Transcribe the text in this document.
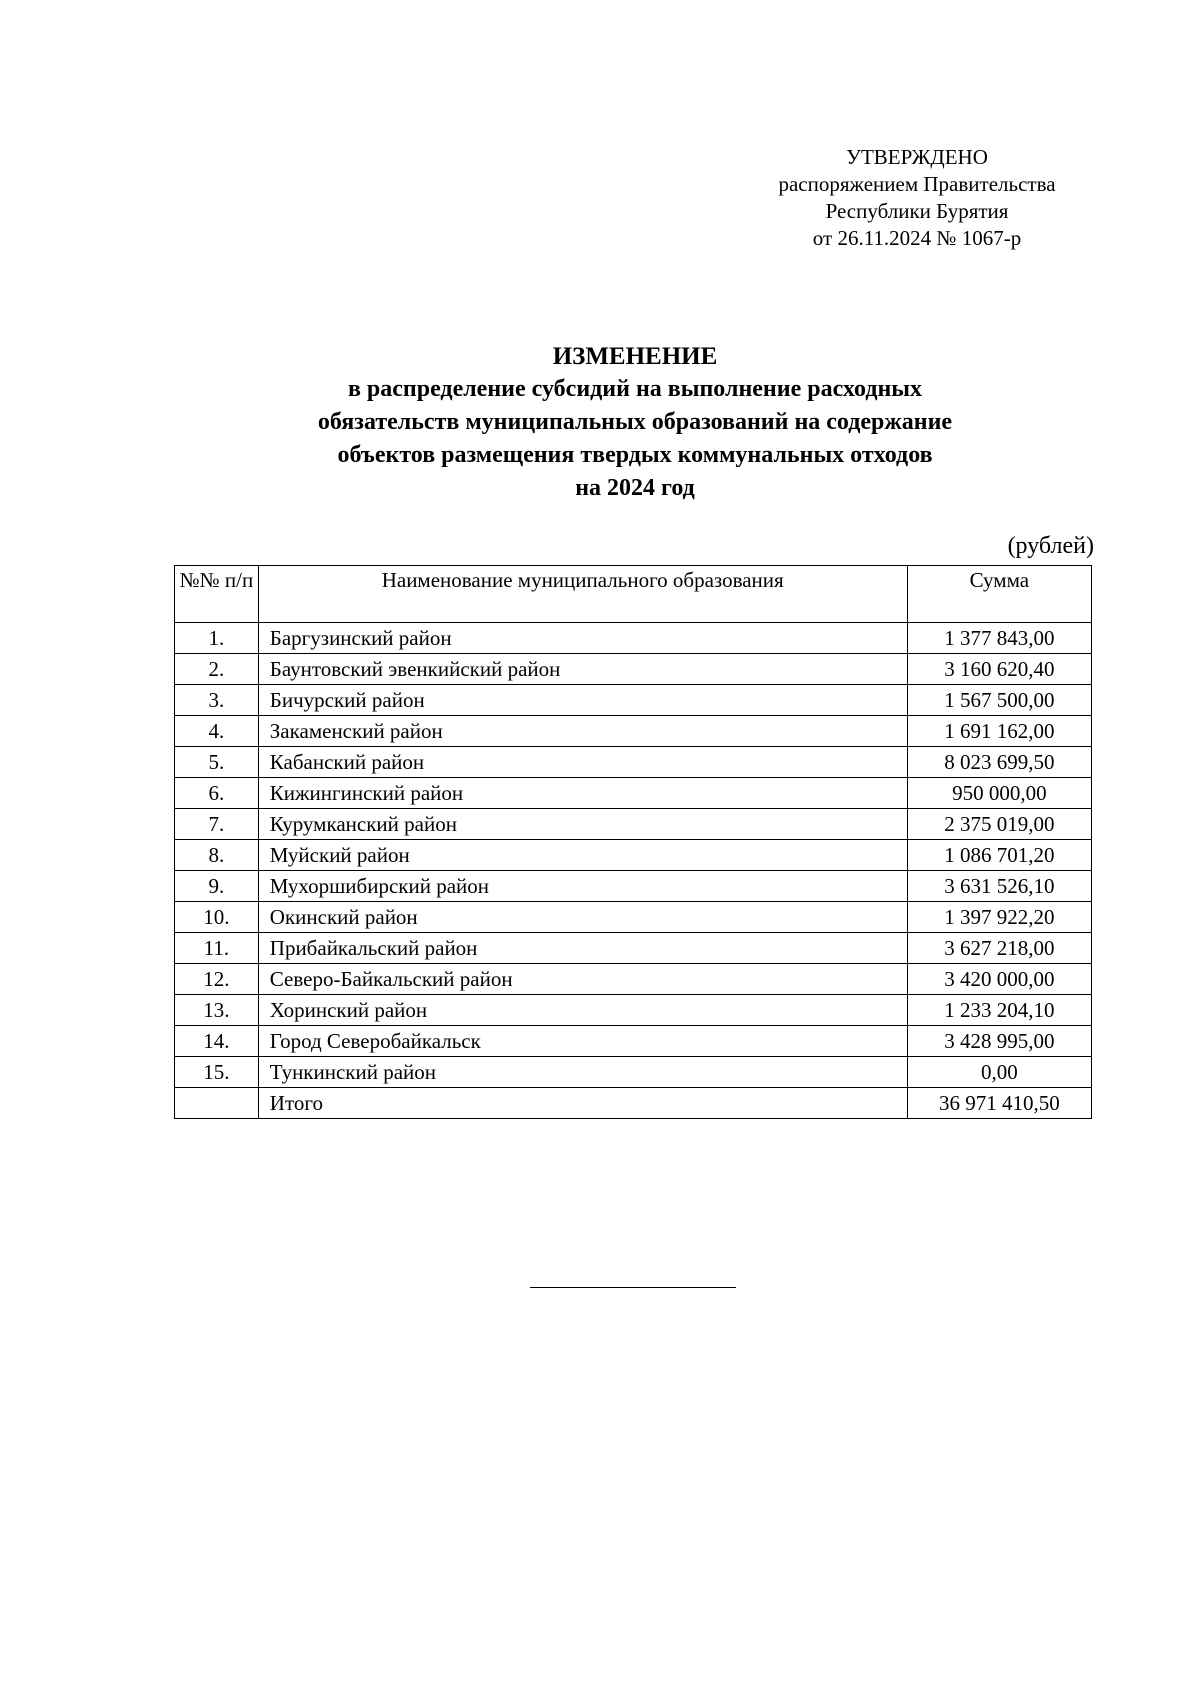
УТВЕРЖДЕНО
распоряжением Правительства
Республики Бурятия
от 26.11.2024 № 1067-р
ИЗМЕНЕНИЕ
в распределение субсидий на выполнение расходных
обязательств муниципальных образований на содержание
объектов размещения твердых коммунальных отходов
на 2024 год
(рублей)
№№ п/п	Наименование муниципального образования	Сумма
1.	Баргузинский район	1 377 843,00
2.	Баунтовский эвенкийский район	3 160 620,40
3.	Бичурский район	1 567 500,00
4.	Закаменский район	1 691 162,00
5.	Кабанский район	8 023 699,50
6.	Кижингинский район	950 000,00
7.	Курумканский район	2 375 019,00
8.	Муйский район	1 086 701,20
9.	Мухоршибирский район	3 631 526,10
10.	Окинский район	1 397 922,20
11.	Прибайкальский район	3 627 218,00
12.	Северо-Байкальский район	3 420 000,00
13.	Хоринский район	1 233 204,10
14.	Город Северобайкальск	3 428 995,00
15.	Тункинский район	0,00
	Итого	36 971 410,50
